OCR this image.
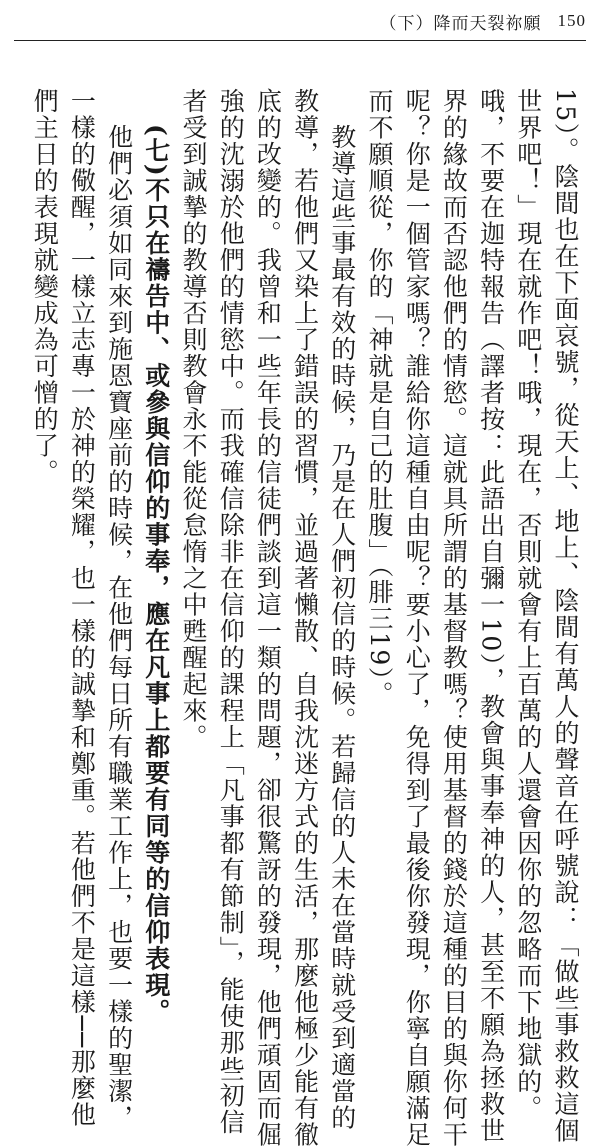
（下）降而天裂祢願 150
15）。陰間也在下面哀號，從天上、地上、陰間有萬人的聲音在呼號說：「做些事救救這個
世界吧！」現在就作吧！哦，現在，否則就會有上百萬的人還會因你的忽略而下地獄的。
哦，不要在迦特報告（譯者按：此語出自彌一10），教會與事奉神的人，甚至不願為拯救世
界的緣故而否認他們的情慾。這就具所謂的基督教嗎？使用基督的錢於這種的目的與你何干
呢？你是一個管家嗎？誰給你這種自由呢？要小心了，免得到了最後你發現，你寧自願滿足
而不願順從，你的「神就是自己的肚腹」（腓三19）。
教導這些事最有效的時候，乃是在人們初信的時候。若歸信的人未在當時就受到適當的
教導，若他們又染上了錯誤的習慣，並過著懶散、自我沈迷方式的生活，那麼他極少能有徹
底的改變的。我曾和一些年長的信徒們談到這一類的問題，卻很驚訝的發現，他們頑固而倔
強的沈溺於他們的情慾中。而我確信除非在信仰的課程上「凡事都有節制」，能使那些初信
者受到誠摯的教導否則教會永不能從怠惰之中甦醒起來。
(七)不只在禱告中、或參與信仰的事奉，應在凡事上都要有同等的信仰表現。
他們必須如同來到施恩寶座前的時候，在他們每日所有職業工作上，也要一樣的聖潔，
一樣的儆醒，一樣立志專一於神的榮耀，也一樣的誠摯和鄭重。若他們不是這樣──那麼他
們主日的表現就變成為可憎的了。
